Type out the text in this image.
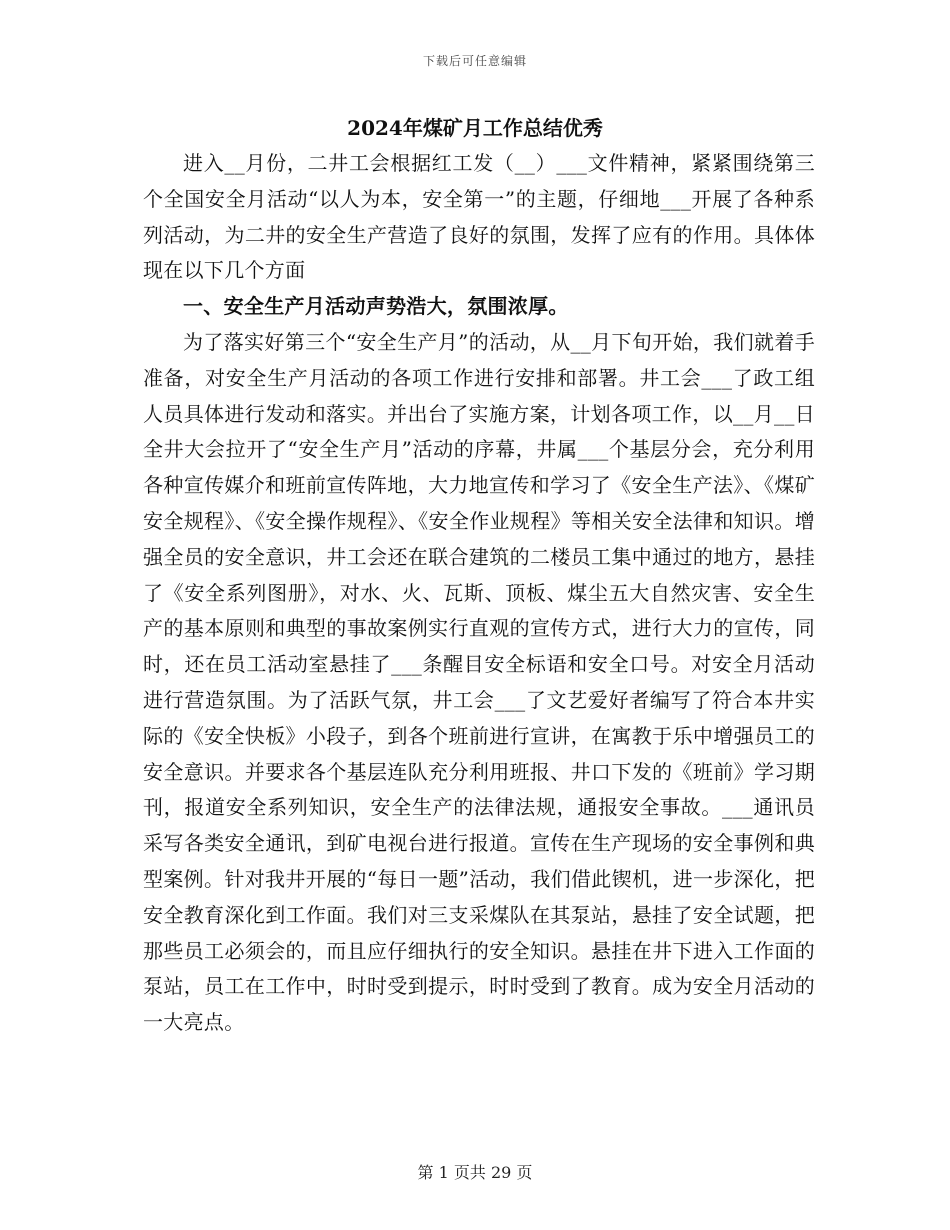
下载后可任意编辑
2024年煤矿月工作总结优秀

进入__月份，二井工会根据红工发（__）___文件精神，紧紧围绕第三个全国安全月活动“以人为本，安全第一”的主题，仔细地___开展了各种系列活动，为二井的安全生产营造了良好的氛围，发挥了应有的作用。具体体现在以下几个方面

一、安全生产月活动声势浩大，氛围浓厚。

为了落实好第三个“安全生产月”的活动，从__月下旬开始，我们就着手准备，对安全生产月活动的各项工作进行安排和部署。井工会___了政工组人员具体进行发动和落实。并出台了实施方案，计划各项工作，以__月__日全井大会拉开了“安全生产月”活动的序幕，井属___个基层分会，充分利用各种宣传媒介和班前宣传阵地，大力地宣传和学习了《安全生产法》、《煤矿安全规程》、《安全操作规程》、《安全作业规程》等相关安全法律和知识。增强全员的安全意识，井工会还在联合建筑的二楼员工集中通过的地方，悬挂了《安全系列图册》，对水、火、瓦斯、顶板、煤尘五大自然灾害、安全生产的基本原则和典型的事故案例实行直观的宣传方式，进行大力的宣传，同时，还在员工活动室悬挂了___条醒目安全标语和安全口号。对安全月活动进行营造氛围。为了活跃气氛，井工会___了文艺爱好者编写了符合本井实际的《安全快板》小段子，到各个班前进行宣讲，在寓教于乐中增强员工的安全意识。并要求各个基层连队充分利用班报、井口下发的《班前》学习期刊，报道安全系列知识，安全生产的法律法规，通报安全事故。___通讯员采写各类安全通讯，到矿电视台进行报道。宣传在生产现场的安全事例和典型案例。针对我井开展的“每日一题”活动，我们借此锲机，进一步深化，把安全教育深化到工作面。我们对三支采煤队在其泵站，悬挂了安全试题，把那些员工必须会的，而且应仔细执行的安全知识。悬挂在井下进入工作面的泵站，员工在工作中，时时受到提示，时时受到了教育。成为安全月活动的一大亮点。

第 1 页共 29 页
